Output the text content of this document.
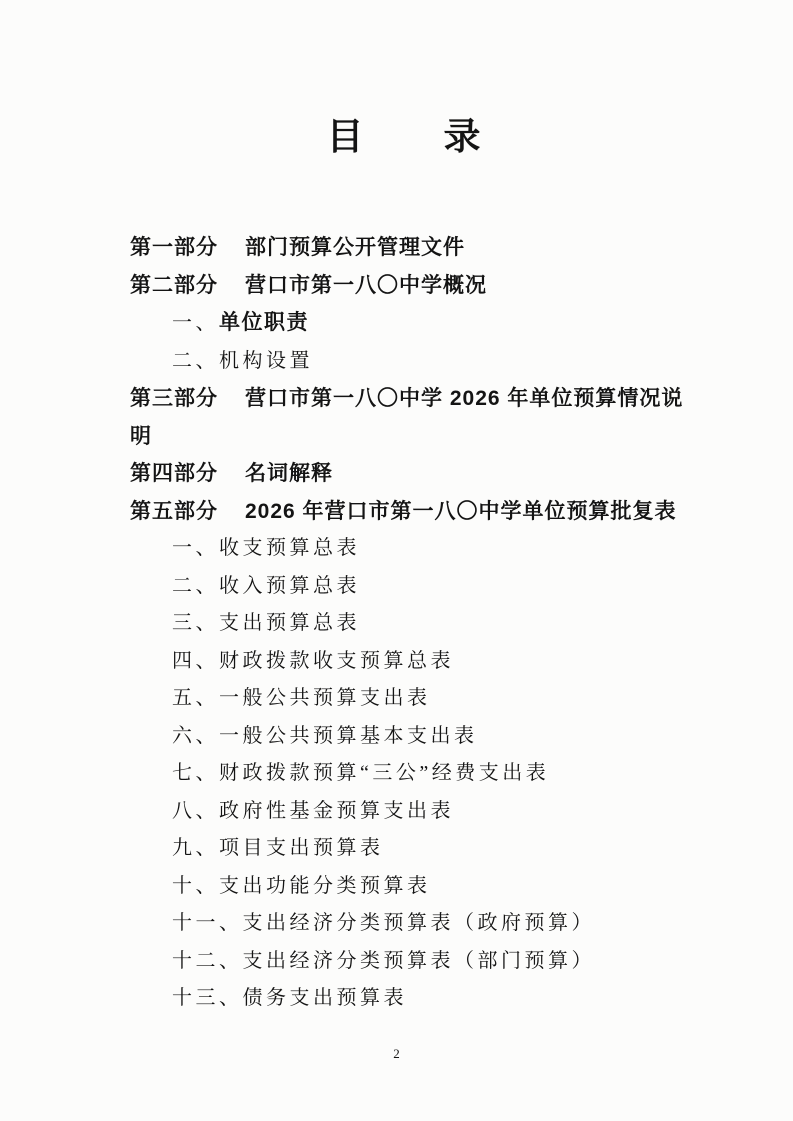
目　　录
第一部分 部门预算公开管理文件
第二部分 营口市第一八〇中学概况
一、单位职责
二、机构设置
第三部分 营口市第一八〇中学 2026 年单位预算情况说明
第四部分 名词解释
第五部分 2026 年营口市第一八〇中学单位预算批复表
一、收支预算总表
二、收入预算总表
三、支出预算总表
四、财政拨款收支预算总表
五、一般公共预算支出表
六、一般公共预算基本支出表
七、财政拨款预算“三公”经费支出表
八、政府性基金预算支出表
九、项目支出预算表
十、支出功能分类预算表
十一、支出经济分类预算表（政府预算）
十二、支出经济分类预算表（部门预算）
十三、债务支出预算表
2
